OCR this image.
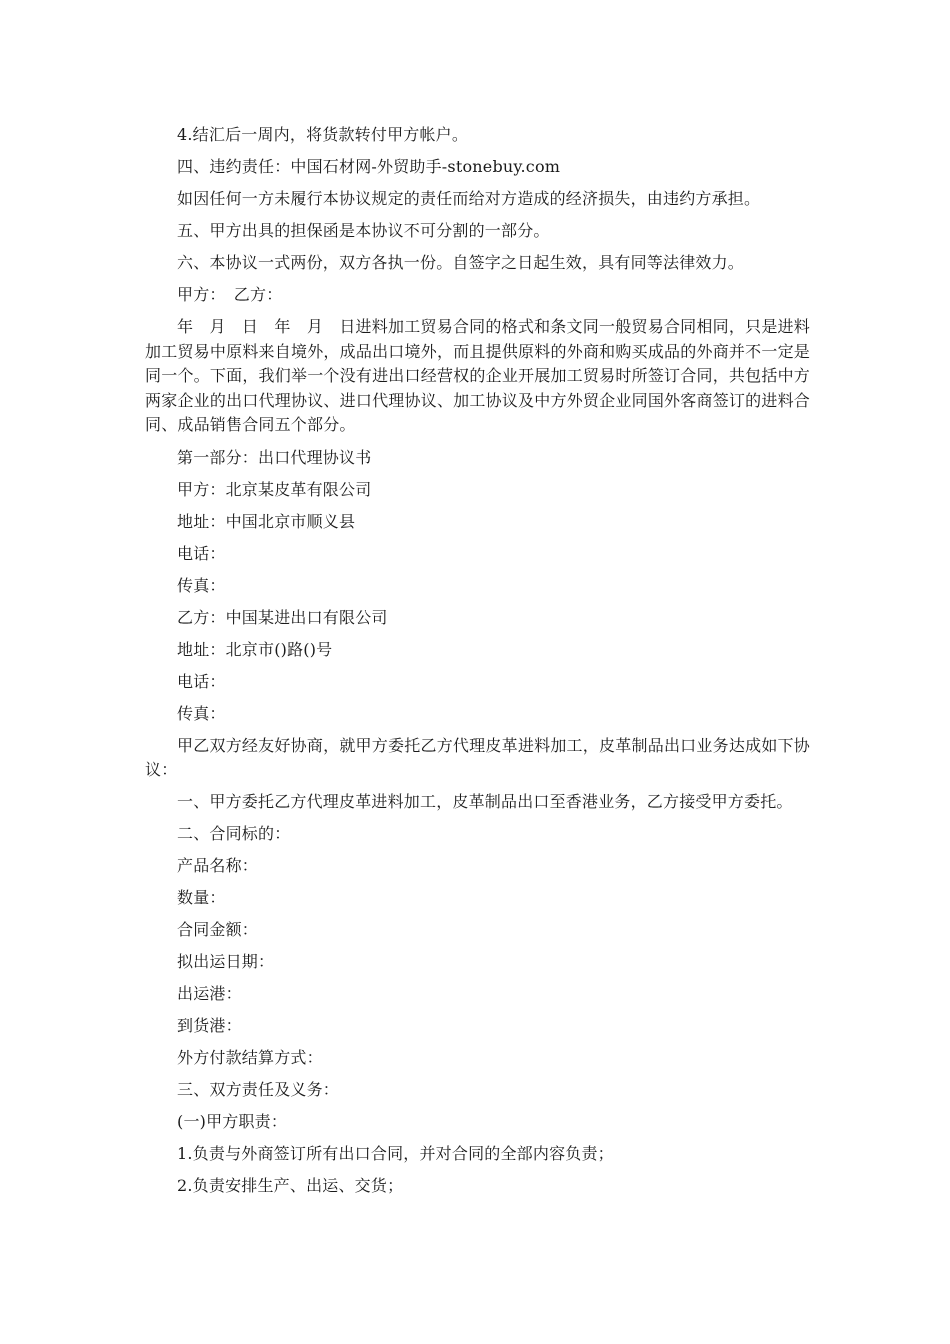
4.结汇后一周内，将货款转付甲方帐户。

四、违约责任：中国石材网-外贸助手-stonebuy.com

如因任何一方未履行本协议规定的责任而给对方造成的经济损失，由违约方承担。

五、甲方出具的担保函是本协议不可分割的一部分。

六、本协议一式两份，双方各执一份。自签字之日起生效，具有同等法律效力。

甲方：　乙方：

年　月　日　年　月　日进料加工贸易合同的格式和条文同一般贸易合同相同，只是进料加工贸易中原料来自境外，成品出口境外，而且提供原料的外商和购买成品的外商并不一定是同一个。下面，我们举一个没有进出口经营权的企业开展加工贸易时所签订合同，共包括中方两家企业的出口代理协议、进口代理协议、加工协议及中方外贸企业同国外客商签订的进料合同、成品销售合同五个部分。

第一部分：出口代理协议书

甲方：北京某皮革有限公司

地址：中国北京市顺义县

电话：

传真：

乙方：中国某进出口有限公司

地址：北京市()路()号

电话：

传真：

甲乙双方经友好协商，就甲方委托乙方代理皮革进料加工，皮革制品出口业务达成如下协议：

一、甲方委托乙方代理皮革进料加工，皮革制品出口至香港业务，乙方接受甲方委托。

二、合同标的：

产品名称：

数量：

合同金额：

拟出运日期：

出运港：

到货港：

外方付款结算方式：

三、双方责任及义务：

(一)甲方职责：

1.负责与外商签订所有出口合同，并对合同的全部内容负责；

2.负责安排生产、出运、交货；
